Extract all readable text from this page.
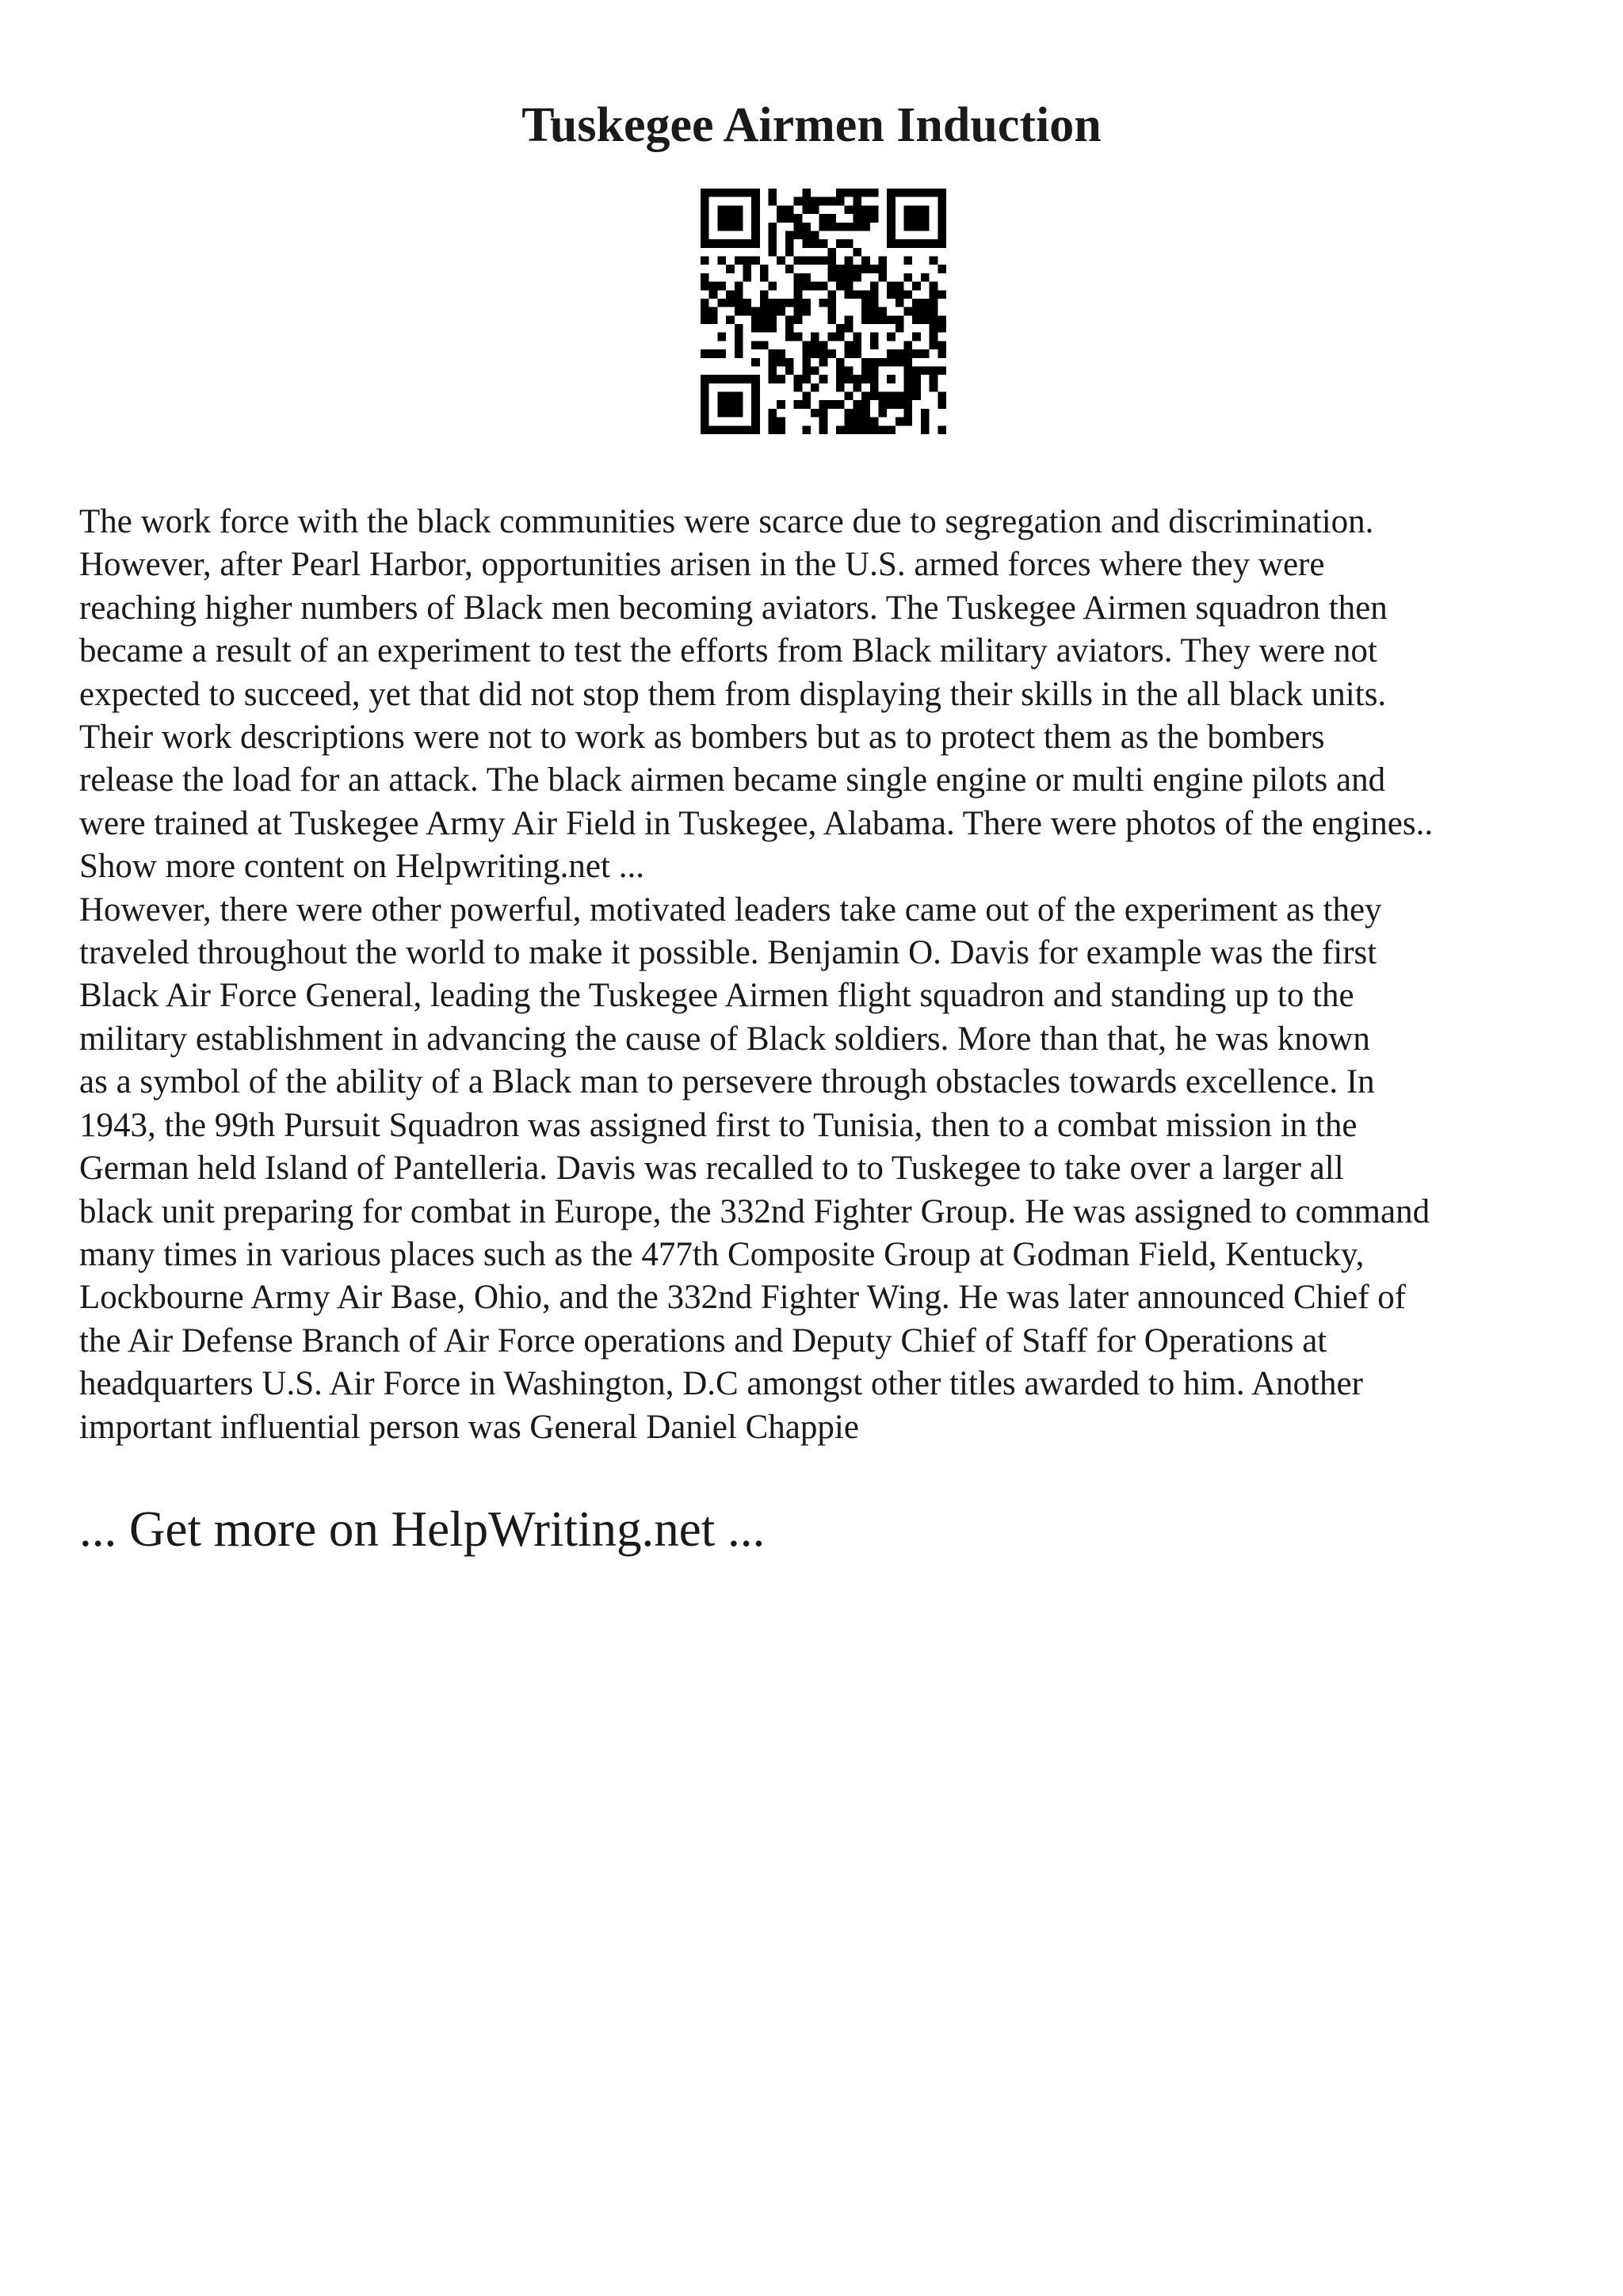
Tuskegee Airmen Induction

The work force with the black communities were scarce due to segregation and discrimination.
However, after Pearl Harbor, opportunities arisen in the U.S. armed forces where they were
reaching higher numbers of Black men becoming aviators. The Tuskegee Airmen squadron then
became a result of an experiment to test the efforts from Black military aviators. They were not
expected to succeed, yet that did not stop them from displaying their skills in the all black units.
Their work descriptions were not to work as bombers but as to protect them as the bombers
release the load for an attack. The black airmen became single engine or multi engine pilots and
were trained at Tuskegee Army Air Field in Tuskegee, Alabama. There were photos of the engines..
Show more content on Helpwriting.net ...
However, there were other powerful, motivated leaders take came out of the experiment as they
traveled throughout the world to make it possible. Benjamin O. Davis for example was the first
Black Air Force General, leading the Tuskegee Airmen flight squadron and standing up to the
military establishment in advancing the cause of Black soldiers. More than that, he was known
as a symbol of the ability of a Black man to persevere through obstacles towards excellence. In
1943, the 99th Pursuit Squadron was assigned first to Tunisia, then to a combat mission in the
German held Island of Pantelleria. Davis was recalled to to Tuskegee to take over a larger all
black unit preparing for combat in Europe, the 332nd Fighter Group. He was assigned to command
many times in various places such as the 477th Composite Group at Godman Field, Kentucky,
Lockbourne Army Air Base, Ohio, and the 332nd Fighter Wing. He was later announced Chief of
the Air Defense Branch of Air Force operations and Deputy Chief of Staff for Operations at
headquarters U.S. Air Force in Washington, D.C amongst other titles awarded to him. Another
important influential person was General Daniel Chappie

... Get more on HelpWriting.net ...
